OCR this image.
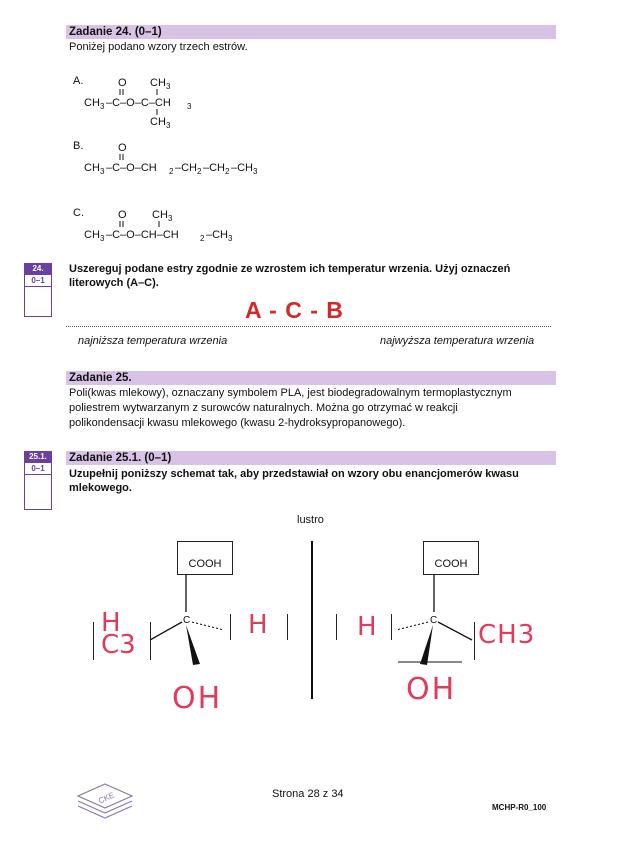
Zadanie 24. (0–1)
Poniżej podano wzory trzech estrów.
A.	O CH 3
CH 3 –C–O–C–CH 3
CH 3
B.	O
CH 3 –C–O–CH 2 –CH 2 –CH 2 –CH 3
C.	O CH 3
CH 3 –C–O–CH–CH	2 –CH 3
24.
0–1
Uszereguj podane estry zgodnie ze wzrostem ich temperatur wrzenia. Użyj oznaczeń
literowych (A–C).
A - C - B
najniższa temperatura wrzenia	najwyższa temperatura wrzenia
Zadanie 25.
Poli(kwas mlekowy), oznaczany symbolem PLA, jest biodegradowalnym termoplastycznym
poliestrem wytwarzanym z surowców naturalnych. Można go otrzymać w reakcji
polikondensacji kwasu mlekowego (kwasu 2-hydroksypropanowego).
25.1.
0–1
Zadanie 25.1. (0–1)
Uzupełnij poniższy schemat tak, aby przedstawiał on wzory obu enancjomerów kwasu
mlekowego.
lustro
COOH
C
HC3
H
OH
COOH
C
H	CH3
OH
CKE	Strona 28 z 34
MCHP-R0_100
